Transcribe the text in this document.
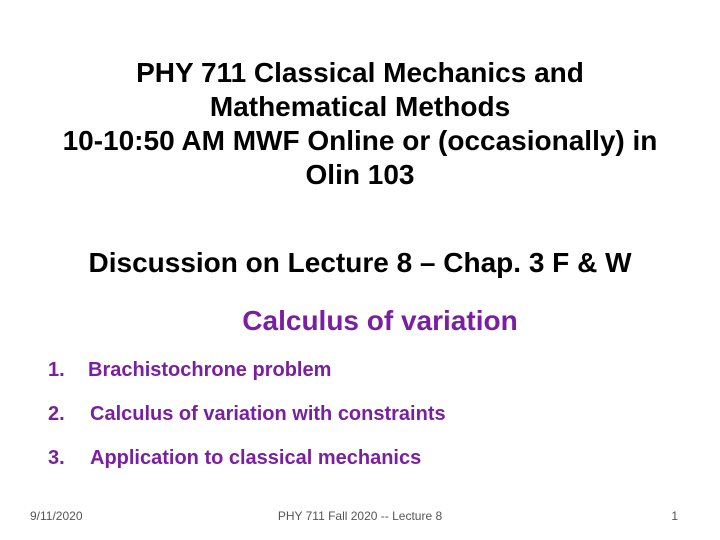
PHY 711 Classical Mechanics and
Mathematical Methods
10-10:50 AM MWF Online or (occasionally) in
Olin 103
Discussion on Lecture 8 – Chap. 3 F & W
Calculus of variation
1. Brachistochrone problem
2. Calculus of variation with constraints
3. Application to classical mechanics
9/11/2020	PHY 711 Fall 2020 -- Lecture 8	1
